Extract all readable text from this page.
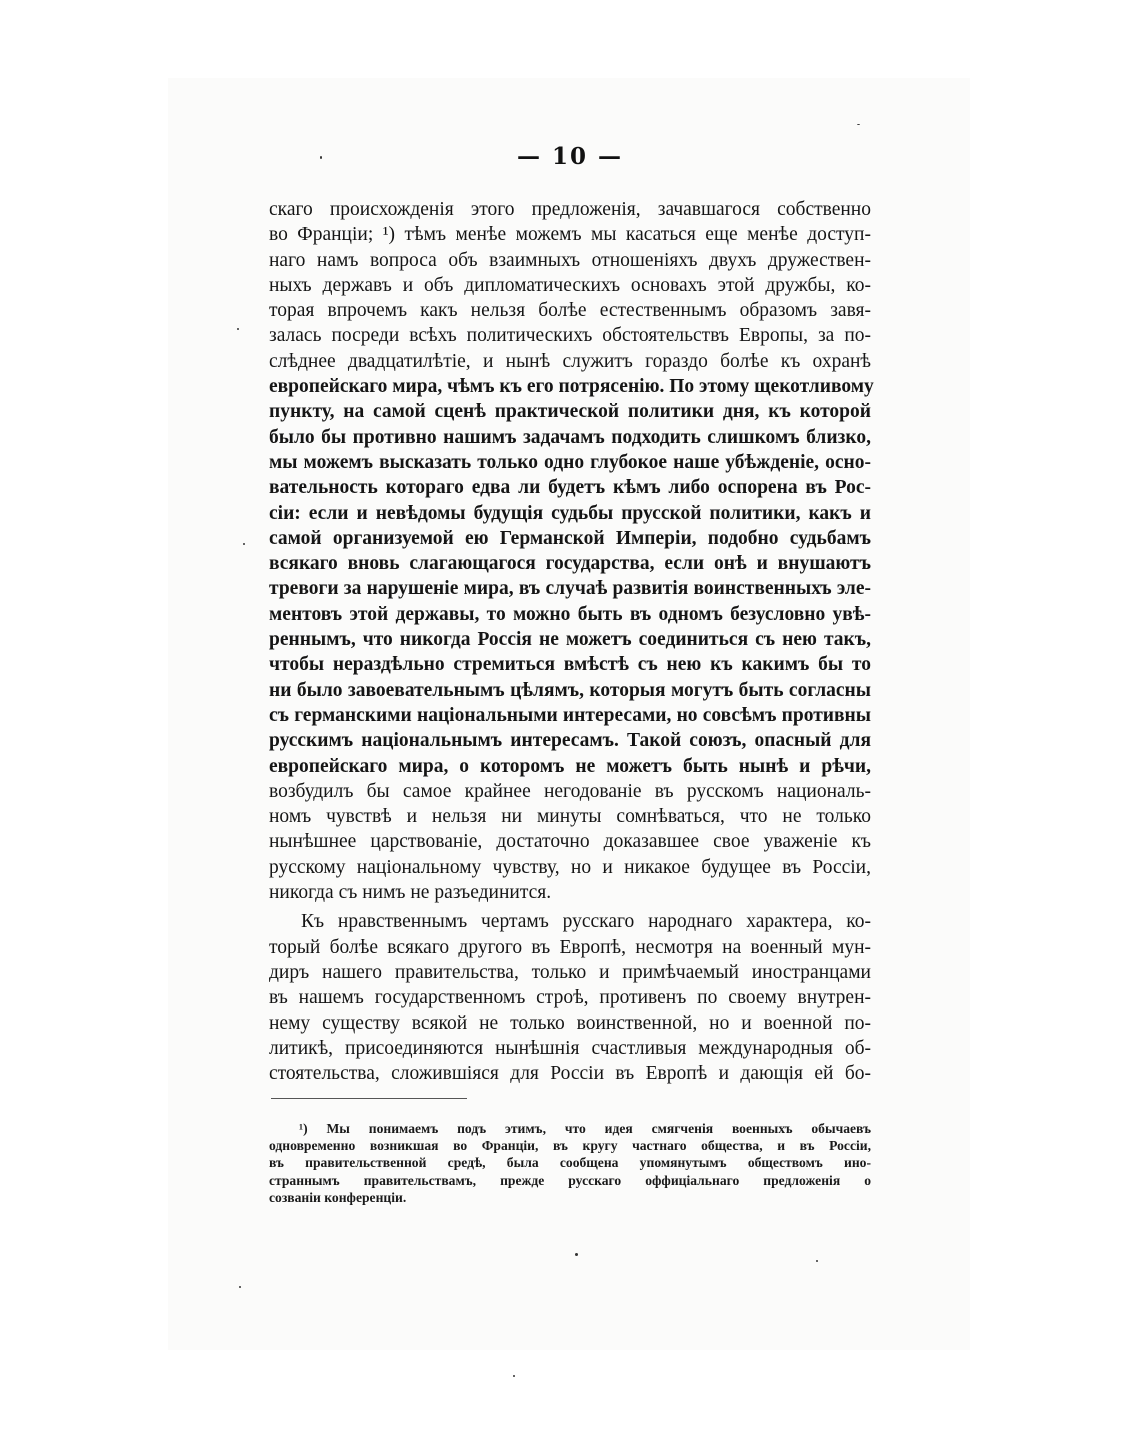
— 10 —
скаго происхожденія этого предложенія, зачавшагося собственно
во Франціи; ¹) тѣмъ менѣе можемъ мы касаться еще менѣе доступ-
наго намъ вопроса объ взаимныхъ отношеніяхъ двухъ дружествен-
ныхъ державъ и объ дипломатическихъ основахъ этой дружбы, ко-
торая впрочемъ какъ нельзя болѣе естественнымъ образомъ завя-
залась посреди всѣхъ политическихъ обстоятельствъ Европы, за по-
слѣднее двадцатилѣтіе, и нынѣ служитъ гораздо болѣе къ охранѣ
европейскаго мира, чѣмъ къ его потрясенію. По этому щекотливому
пункту, на самой сценѣ практической политики дня, къ которой
было бы противно нашимъ задачамъ подходить слишкомъ близко,
мы можемъ высказать только одно глубокое наше убѣжденіе, осно-
вательность котораго едва ли будетъ кѣмъ либо оспорена въ Рос-
сіи: если и невѣдомы будущія судьбы прусской политики, какъ и
самой организуемой ею Германской Имперіи, подобно судьбамъ
всякаго вновь слагающагося государства, если онѣ и внушаютъ
тревоги за нарушеніе мира, въ случаѣ развитія воинственныхъ эле-
ментовъ этой державы, то можно быть въ одномъ безусловно увѣ-
реннымъ, что никогда Россія не можетъ соединиться съ нею такъ,
чтобы нераздѣльно стремиться вмѣстѣ съ нею къ какимъ бы то
ни было завоевательнымъ цѣлямъ, которыя могутъ быть согласны
съ германскими національными интересами, но совсѣмъ противны
русскимъ національнымъ интересамъ. Такой союзъ, опасный для
европейскаго мира, о которомъ не можетъ быть нынѣ и рѣчи,
возбудилъ бы самое крайнее негодованіе въ русскомъ националь-
номъ чувствѣ и нельзя ни минуты сомнѣваться, что не только
нынѣшнее царствованіе, достаточно доказавшее свое уваженіе къ
русскому національному чувству, но и никакое будущее въ Россіи,
никогда съ нимъ не разъединится.
Къ нравственнымъ чертамъ русскаго народнаго характера, ко-
торый болѣе всякаго другого въ Европѣ, несмотря на военный мун-
диръ нашего правительства, только и примѣчаемый иностранцами
въ нашемъ государственномъ строѣ, противенъ по своему внутрен-
нему существу всякой не только воинственной, но и военной по-
литикѣ, присоединяются нынѣшнія счастливыя международныя об-
стоятельства, сложившіяся для Россіи въ Европѣ и дающія ей бо-
¹) Мы понимаемъ подъ этимъ, что идея смягченія военныхъ обычаевъ
одновременно возникшая во Франціи, въ кругу частнаго общества, и въ Россіи,
въ правительственной средѣ, была сообщена упомянутымъ обществомъ ино-
страннымъ правительствамъ, прежде русскаго оффиціальнаго предложенія о
созваніи конференціи.
